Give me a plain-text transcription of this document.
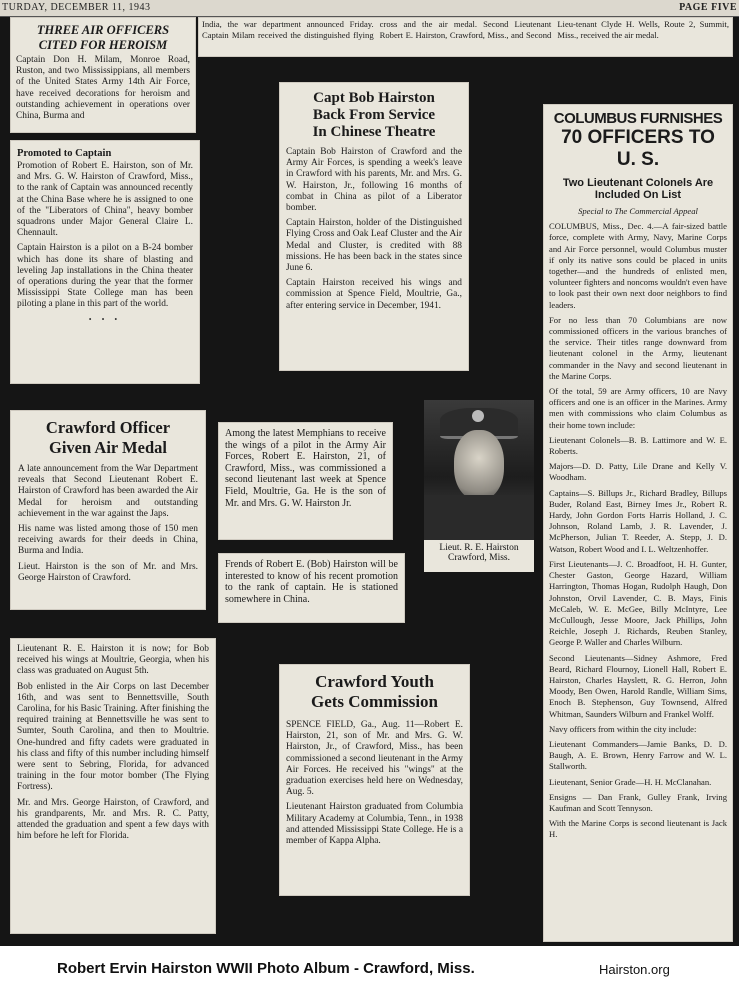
TURDAY, DECEMBER 11, 1943	PAGE FIVE

India, the war department announced Friday. Captain Milam received the distinguished flying cross and the air medal. Second Lieutenant Robert E. Hairston, Crawford, Miss., and Second Lieu-tenant Clyde H. Wells, Route 2, Summit, Miss., received the air medal.

THREE AIR OFFICERS
CITED FOR HEROISM

Captain Don H. Milam, Monroe Road, Ruston, and two Mississippians, all members of the United States Army 14th Air Force, have received decorations for heroism and outstanding achievement in operations over China, Burma and

Promoted to Captain

Promotion of Robert E. Hairston, son of Mr. and Mrs. G. W. Hairston of Crawford, Miss., to the rank of Captain was announced recently at the China Base where he is assigned to one of the "Liberators of China", heavy bomber squadrons under Major General Claire L. Chennault.

Captain Hairston is a pilot on a B-24 bomber which has done its share of blasting and leveling Jap installations in the China theater of operations during the year that the former Mississippi State College man has been piloting a plane in this part of the world.

• • •
Capt Bob Hairston
Back From Service
In Chinese Theatre

Captain Bob Hairston of Crawford and the Army Air Forces, is spending a week's leave in Crawford with his parents, Mr. and Mrs. G. W. Hairston, Jr., following 16 months of combat in China as pilot of a Liberator bomber.

Captain Hairston, holder of the Distinguished Flying Cross and Oak Leaf Cluster and the Air Medal and Cluster, is credited with 88 missions. He has been back in the states since June 6.

Captain Hairston received his wings and commission at Spence Field, Moultrie, Ga., after entering service in December, 1941.

COLUMBUS FURNISHES
70 OFFICERS TO U. S.
Two Lieutenant Colonels Are
Included On List

Special to The Commercial Appeal

COLUMBUS, Miss., Dec. 4.—A fair-sized battle force, complete with Army, Navy, Marine Corps and Air Force personnel, would Columbus muster if only its native sons could be placed in units together—and the hundreds of enlisted men, volunteer fighters and noncoms wouldn't even have to look past their own next door neighbors to find leaders.

For no less than 70 Columbians are now commissioned officers in the various branches of the service. Their titles range downward from lieutenant colonel in the Army, lieutenant commander in the Navy and second lieutenant in the Marine Corps.

Of the total, 59 are Army officers, 10 are Navy officers and one is an officer in the Marines. Army men with commissions who claim Columbus as their home town include:

Lieutenant Colonels—B. B. Lattimore and W. E. Roberts.

Majors—D. D. Patty, Lile Drane and Kelly V. Woodham.

Captains—S. Billups Jr., Richard Bradley, Billups Buder, Roland East, Birney Imes Jr., Robert R. Hardy, John Gordon Forts Harris Holland, J. C. Johnson, Roland Lamb, J. R. Lavender, J. McPherson, Julian T. Reeder, A. Stepp, J. D. Watson, Robert Wood and I. L. Weltzenhoffer.

First Lieutenants—J. C. Broadfoot, H. H. Gunter, Chester Gaston, George Hazard, William Harrington, Thomas Hogan, Rudolph Haugh, Don Johnston, Orvil Lavender, C. B. Mays, Finis McCaleb, W. E. McGee, Billy McIntyre, Lee McCullough, Jesse Moore, Jack Phillips, John Reichle, Joseph J. Richards, Reuben Stanley, George P. Waller and Charles Wilburn.

Second Lieutenants—Sidney Ashmore, Fred Beard, Richard Flournoy, Lionell Hall, Robert E. Hairston, Charles Hayslett, R. G. Herron, John Moody, Ben Owen, Harold Randle, William Sims, Enoch B. Stephenson, Guy Townsend, Alfred Whitman, Saunders Wilburn and Frankel Wolff.

Navy officers from within the city include:

Lieutenant Commanders—Jamie Banks, D. D. Baugh, A. E. Brown, Henry Farrow and W. L. Stallworth.

Lieutenant, Senior Grade—H. H. McClanahan.

Ensigns — Dan Frank, Gulley Frank, Irving Kaufman and Scott Tennyson.

With the Marine Corps is second lieutenant is Jack H.

Crawford Officer
Given Air Medal

A late announcement from the War Department reveals that Second Lieutenant Robert E. Hairston of Crawford has been awarded the Air Medal for heroism and outstanding achievement in the war against the Japs.

His name was listed among those of 150 men receiving awards for their deeds in China, Burma and India.

Lieut. Hairston is the son of Mr. and Mrs. George Hairston of Crawford.

Among the latest Memphians to receive the wings of a pilot in the Army Air Forces, Robert E. Hairston, 21, of Crawford, Miss., was commissioned a second lieutenant last week at Spence Field, Moultrie, Ga. He is the son of Mr. and Mrs. G. W. Hairston Jr.

Frends of Robert E. (Bob) Hairston will be interested to know of his recent promotion to the rank of captain. He is stationed somewhere in China.

Lieut. R. E. Hairston
Crawford, Miss.

Lieutenant R. E. Hairston it is now; for Bob received his wings at Moultrie, Georgia, when his class was graduated on August 5th.

Bob enlisted in the Air Corps on last December 16th, and was sent to Bennettsville, South Carolina, for his Basic Training. After finishing the required training at Bennettsville he was sent to Sumter, South Carolina, and then to Moultrie. One-hundred and fifty cadets were graduated in his class and fifty of this number including himself were sent to Sebring, Florida, for advanced training in the four motor bomber (The Flying Fortress).

Mr. and Mrs. George Hairston, of Crawford, and his grandparents, Mr. and Mrs. R. C. Patty, attended the graduation and spent a few days with him before he left for Florida.

Crawford Youth
Gets Commission

SPENCE FIELD, Ga., Aug. 11—Robert E. Hairston, 21, son of Mr. and Mrs. G. W. Hairston, Jr., of Crawford, Miss., has been commissioned a second lieutenant in the Army Air Forces. He received his "wings" at the graduation exercises held here on Wednesday, Aug. 5.

Lieutenant Hairston graduated from Columbia Military Academy at Columbia, Tenn., in 1938 and attended Mississippi State College. He is a member of Kappa Alpha.

Robert Ervin Hairston WWII Photo Album - Crawford, Miss.	Hairston.org
